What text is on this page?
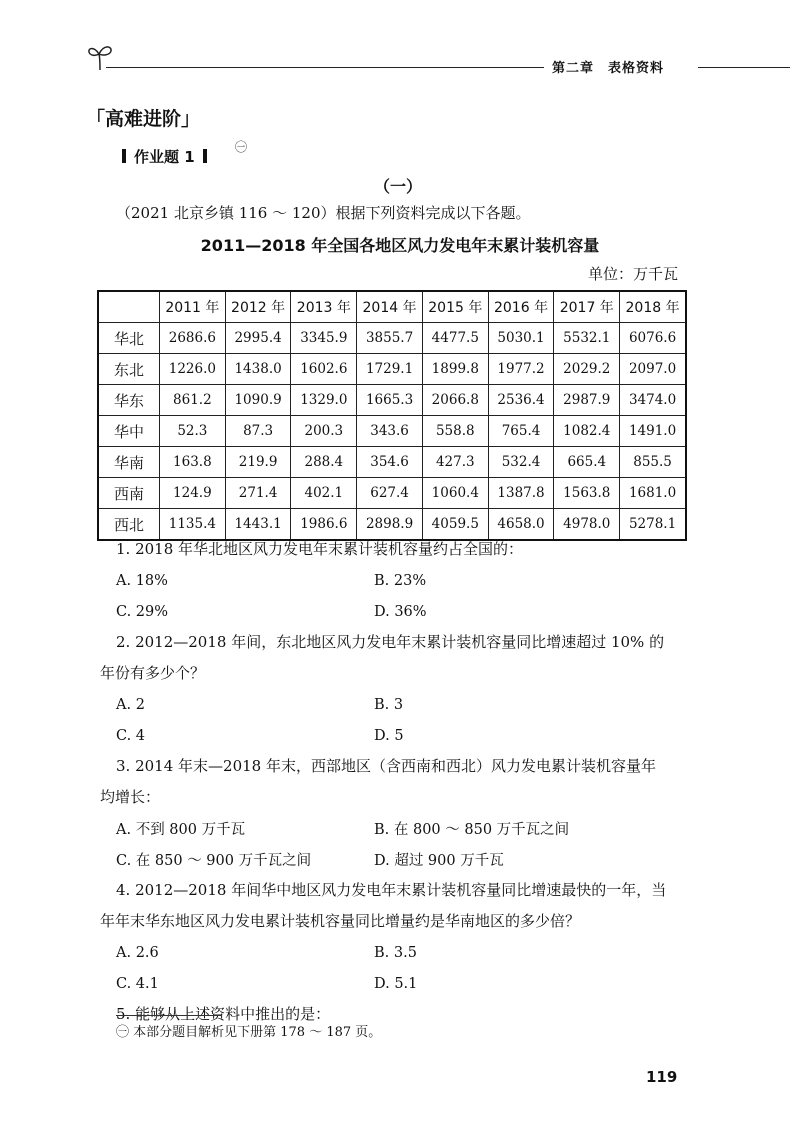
第二章　表格资料
「高难进阶」
作业题 1
㊀
（一）
（2021 北京乡镇 116 ～ 120）根据下列资料完成以下各题。
2011—2018 年全国各地区风力发电年末累计装机容量
单位：万千瓦
	2011 年	2012 年	2013 年	2014 年	2015 年	2016 年	2017 年	2018 年
华北	2686.6	2995.4	3345.9	3855.7	4477.5	5030.1	5532.1	6076.6
东北	1226.0	1438.0	1602.6	1729.1	1899.8	1977.2	2029.2	2097.0
华东	861.2	1090.9	1329.0	1665.3	2066.8	2536.4	2987.9	3474.0
华中	52.3	87.3	200.3	343.6	558.8	765.4	1082.4	1491.0
华南	163.8	219.9	288.4	354.6	427.3	532.4	665.4	855.5
西南	124.9	271.4	402.1	627.4	1060.4	1387.8	1563.8	1681.0
西北	1135.4	1443.1	1986.6	2898.9	4059.5	4658.0	4978.0	5278.1
1. 2018 年华北地区风力发电年末累计装机容量约占全国的：
A. 18%	B. 23%
C. 29%	D. 36%
2. 2012—2018 年间，东北地区风力发电年末累计装机容量同比增速超过 10% 的
年份有多少个？
A. 2	B. 3
C. 4	D. 5
3. 2014 年末—2018 年末，西部地区（含西南和西北）风力发电累计装机容量年
均增长：
A. 不到 800 万千瓦	B. 在 800 ～ 850 万千瓦之间
C. 在 850 ～ 900 万千瓦之间	D. 超过 900 万千瓦
4. 2012—2018 年间华中地区风力发电年末累计装机容量同比增速最快的一年，当
年年末华东地区风力发电累计装机容量同比增量约是华南地区的多少倍？
A. 2.6	B. 3.5
C. 4.1	D. 5.1
5. 能够从上述资料中推出的是：
㊀ 本部分题目解析见下册第 178 ～ 187 页。
119
